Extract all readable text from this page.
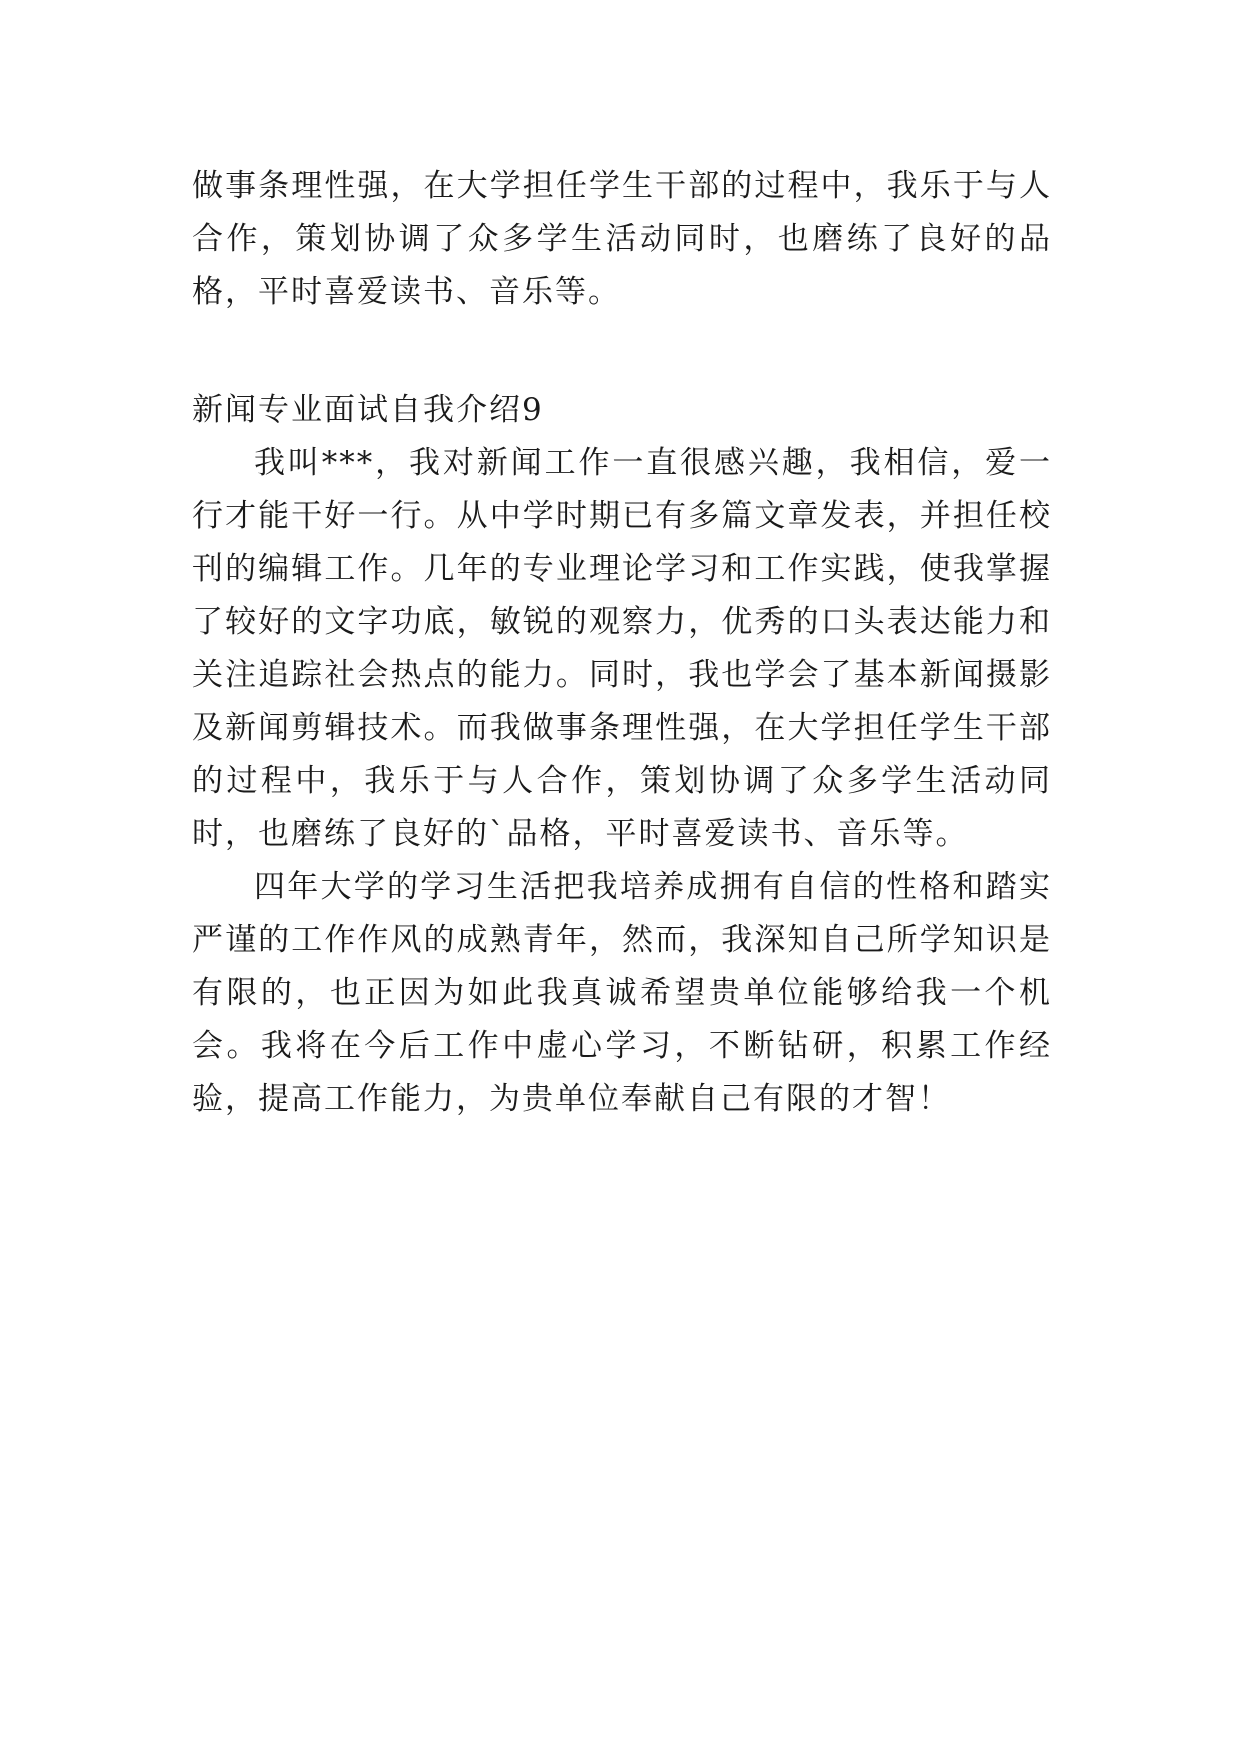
做事条理性强，在大学担任学生干部的过程中，我乐于与人合作，策划协调了众多学生活动同时，也磨练了良好的品格，平时喜爱读书、音乐等。

新闻专业面试自我介绍9

我叫***，我对新闻工作一直很感兴趣，我相信，爱一行才能干好一行。从中学时期已有多篇文章发表，并担任校刊的编辑工作。几年的专业理论学习和工作实践，使我掌握了较好的文字功底，敏锐的观察力，优秀的口头表达能力和关注追踪社会热点的能力。同时，我也学会了基本新闻摄影及新闻剪辑技术。而我做事条理性强，在大学担任学生干部的过程中，我乐于与人合作，策划协调了众多学生活动同时，也磨练了良好的`品格，平时喜爱读书、音乐等。

四年大学的学习生活把我培养成拥有自信的性格和踏实严谨的工作作风的成熟青年，然而，我深知自己所学知识是有限的，也正因为如此我真诚希望贵单位能够给我一个机会。我将在今后工作中虚心学习，不断钻研，积累工作经验，提高工作能力，为贵单位奉献自己有限的才智！
